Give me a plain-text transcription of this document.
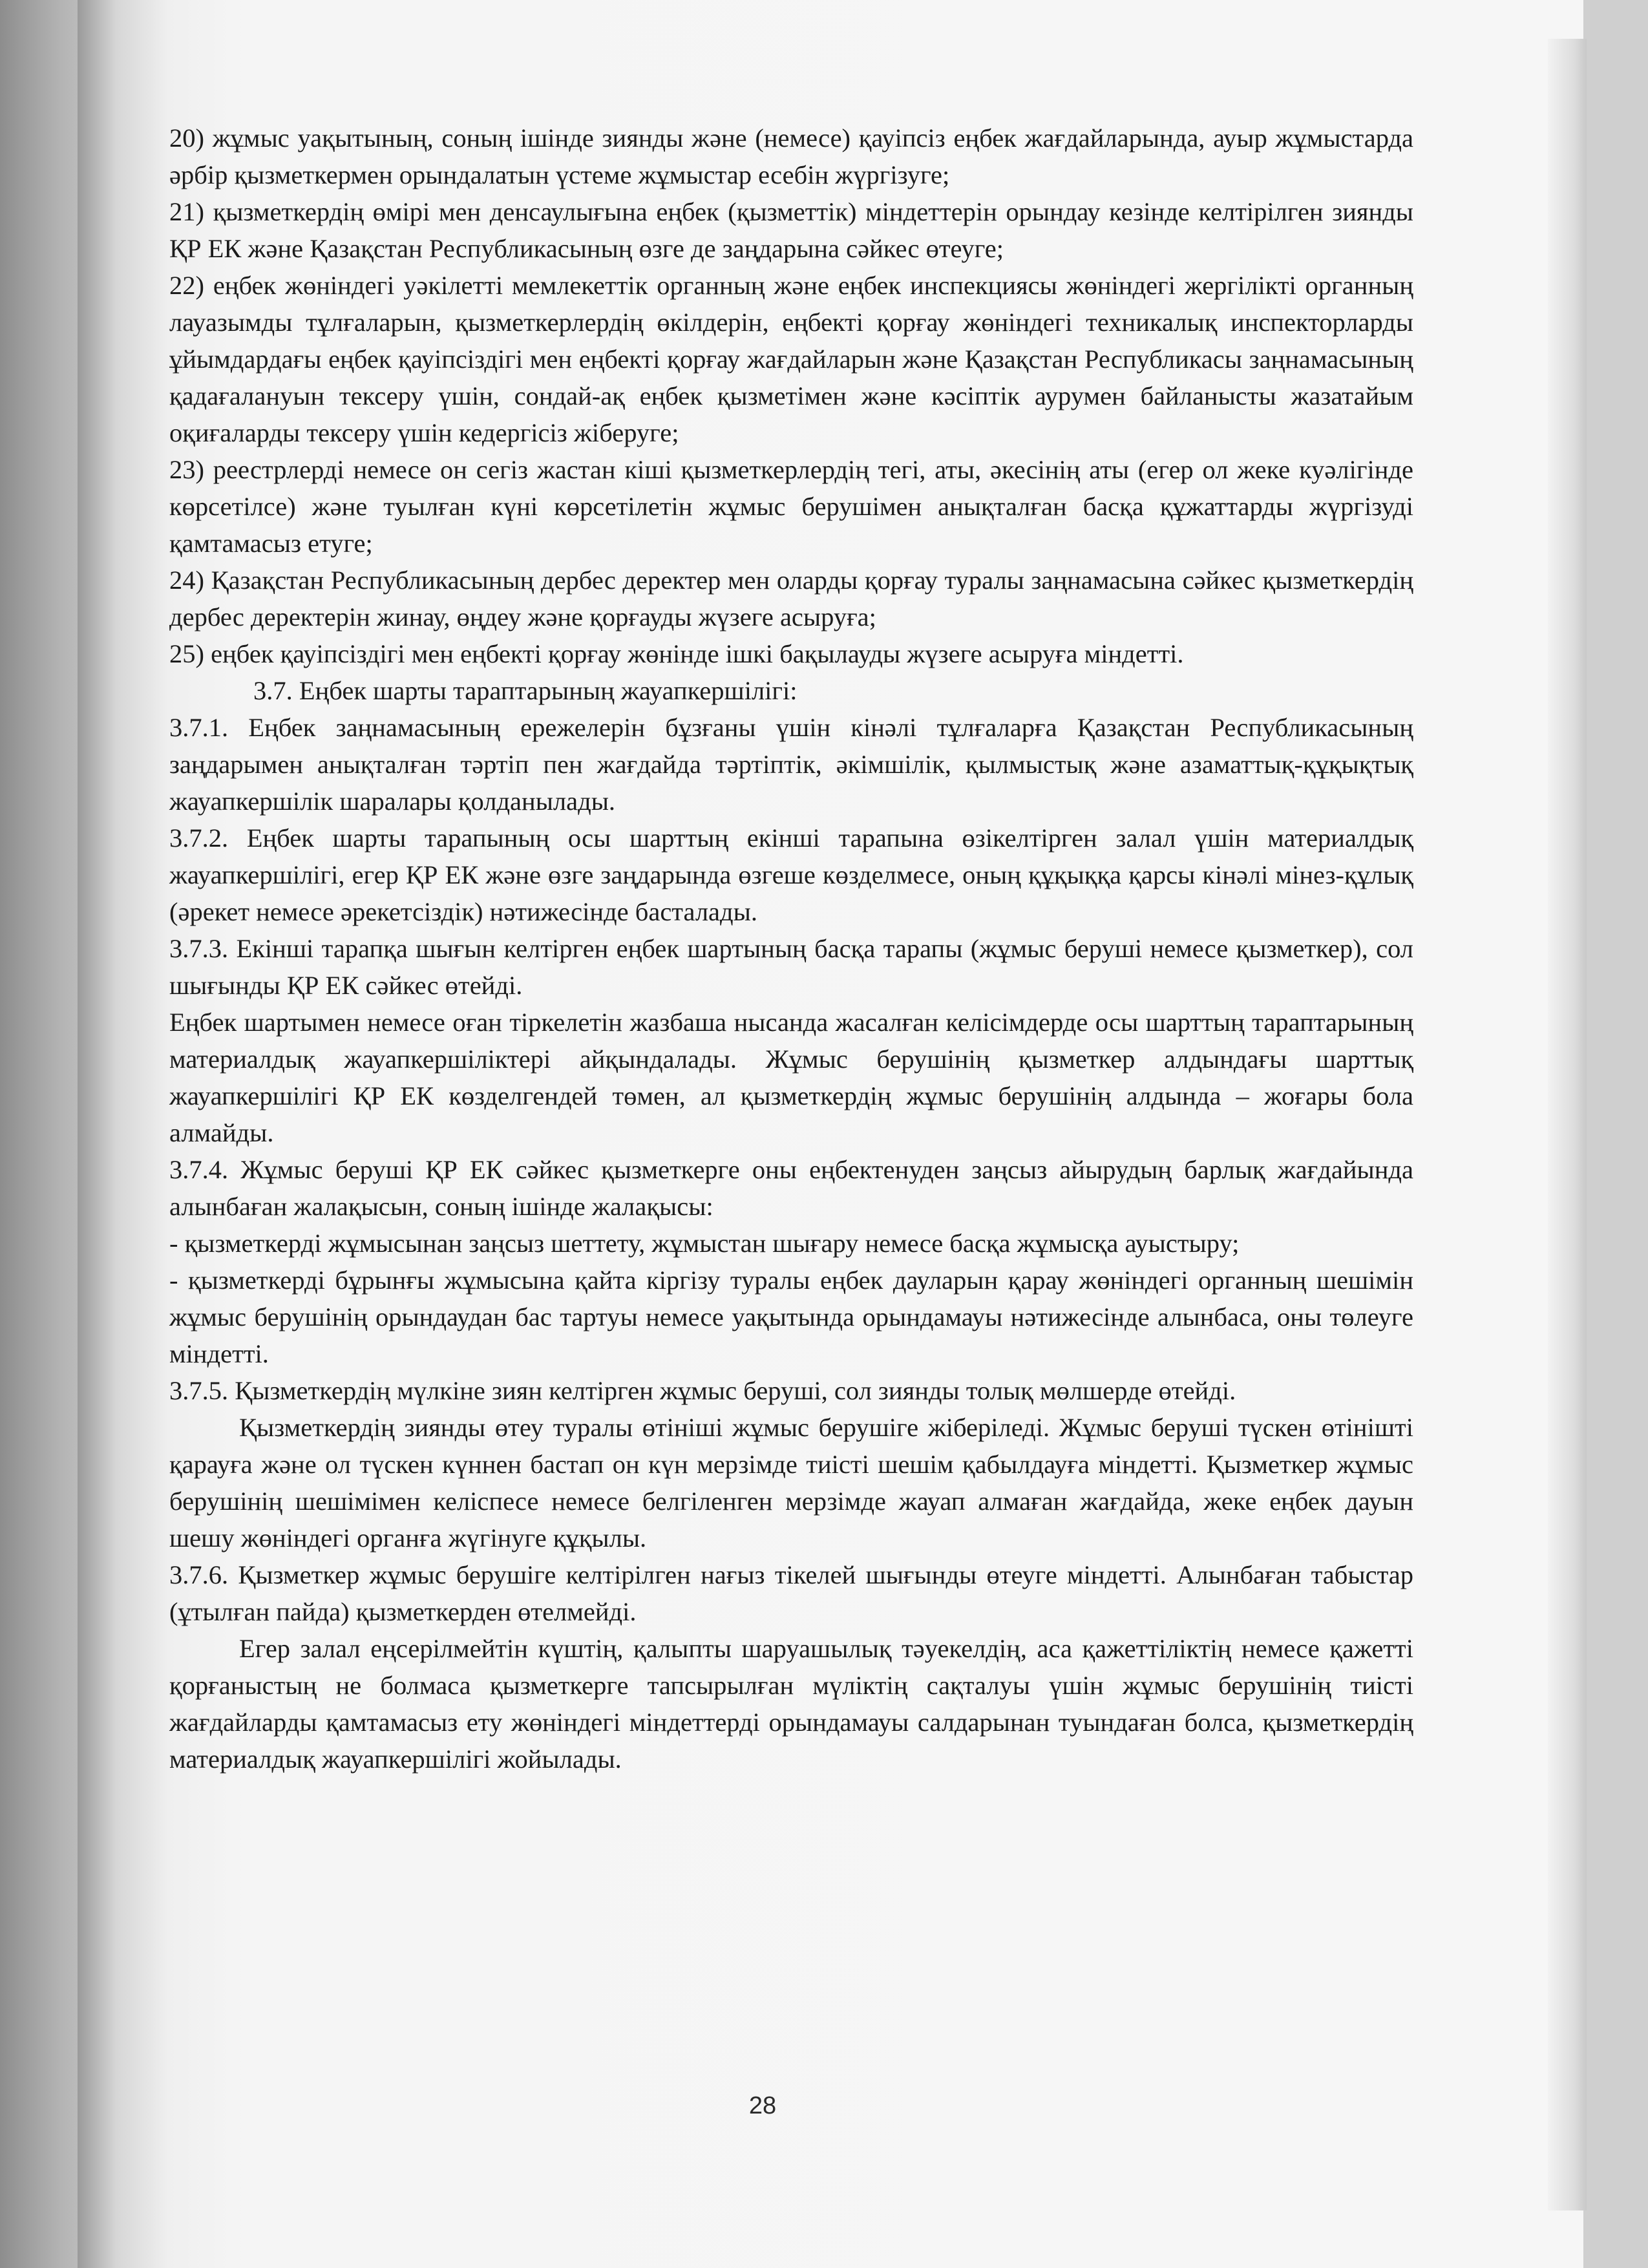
20) жұмыс уақытының, соның ішінде зиянды және (немесе) қауіпсіз еңбек жағдайларында, ауыр жұмыстарда әрбір қызметкермен орындалатын үстеме жұмыстар есебін жүргізуге;

21) қызметкердің өмірі мен денсаулығына еңбек (қызметтік) міндеттерін орындау кезінде келтірілген зиянды ҚР ЕК және Қазақстан Республикасының өзге де заңдарына сәйкес өтеуге;

22) еңбек жөніндегі уәкілетті мемлекеттік органның және еңбек инспекциясы жөніндегі жергілікті органның лауазымды тұлғаларын, қызметкерлердің өкілдерін, еңбекті қорғау жөніндегі техникалық инспекторларды ұйымдардағы еңбек қауіпсіздігі мен еңбекті қорғау жағдайларын және Қазақстан Республикасы заңнамасының қадағалануын тексеру үшін, сондай-ақ еңбек қызметімен және кәсіптік аурумен байланысты жазатайым оқиғаларды тексеру үшін кедергісіз жіберуге;

23) реестрлерді немесе он сегіз жастан кіші қызметкерлердің тегі, аты, әкесінің аты (егер ол жеке куәлігінде көрсетілсе) және туылған күні көрсетілетін жұмыс берушімен анықталған басқа құжаттарды жүргізуді қамтамасыз етуге;

24) Қазақстан Республикасының дербес деректер мен оларды қорғау туралы заңнамасына сәйкес қызметкердің дербес деректерін жинау, өңдеу және қорғауды жүзеге асыруға;

25) еңбек қауіпсіздігі мен еңбекті қорғау жөнінде ішкі бақылауды жүзеге асыруға міндетті.

3.7. Еңбек шарты тараптарының жауапкершілігі:

3.7.1. Еңбек заңнамасының ережелерін бұзғаны үшін кінәлі тұлғаларға Қазақстан Республикасының заңдарымен анықталған тәртіп пен жағдайда тәртіптік, әкімшілік, қылмыстық және азаматтық-құқықтық жауапкершілік шаралары қолданылады.

3.7.2. Еңбек шарты тарапының осы шарттың екінші тарапына өзікелтірген залал үшін материалдық жауапкершілігі, егер ҚР ЕК және өзге заңдарында өзгеше көзделмесе, оның құқыққа қарсы кінәлі мінез-құлық (әрекет немесе әрекетсіздік) нәтижесінде басталады.

3.7.3. Екінші тарапқа шығын келтірген еңбек шартының басқа тарапы (жұмыс беруші немесе қызметкер), сол шығынды ҚР ЕК сәйкес өтейді.

Еңбек шартымен немесе оған тіркелетін жазбаша нысанда жасалған келісімдерде осы шарттың тараптарының материалдық жауапкершіліктері айқындалады. Жұмыс берушінің қызметкер алдындағы шарттық жауапкершілігі ҚР ЕК көзделгендей төмен, ал қызметкердің жұмыс берушінің алдында – жоғары бола алмайды.

3.7.4. Жұмыс беруші ҚР ЕК сәйкес қызметкерге оны еңбектенуден заңсыз айырудың барлық жағдайында алынбаған жалақысын, соның ішінде жалақысы:

- қызметкерді жұмысынан заңсыз шеттету, жұмыстан шығару немесе басқа жұмысқа ауыстыру;

- қызметкерді бұрынғы жұмысына қайта кіргізу туралы еңбек дауларын қарау жөніндегі органның шешімін жұмыс берушінің орындаудан бас тартуы немесе уақытында орындамауы нәтижесінде алынбаса, оны төлеуге міндетті.

3.7.5. Қызметкердің мүлкіне зиян келтірген жұмыс беруші, сол зиянды толық мөлшерде өтейді.

Қызметкердің зиянды өтеу туралы өтініші жұмыс берушіге жіберіледі. Жұмыс беруші түскен өтінішті қарауға және ол түскен күннен бастап он күн мерзімде тиісті шешім қабылдауға міндетті. Қызметкер жұмыс берушінің шешімімен келіспесе немесе белгіленген мерзімде жауап алмаған жағдайда, жеке еңбек дауын шешу жөніндегі органға жүгінуге құқылы.

3.7.6. Қызметкер жұмыс берушіге келтірілген нағыз тікелей шығынды өтеуге міндетті. Алынбаған табыстар (ұтылған пайда) қызметкерден өтелмейді.

Егер залал еңсерілмейтін күштің, қалыпты шаруашылық тәуекелдің, аса қажеттіліктің немесе қажетті қорғаныстың не болмаса қызметкерге тапсырылған мүліктің сақталуы үшін жұмыс берушінің тиісті жағдайларды қамтамасыз ету жөніндегі міндеттерді орындамауы салдарынан туындаған болса, қызметкердің материалдық жауапкершілігі жойылады.

28
